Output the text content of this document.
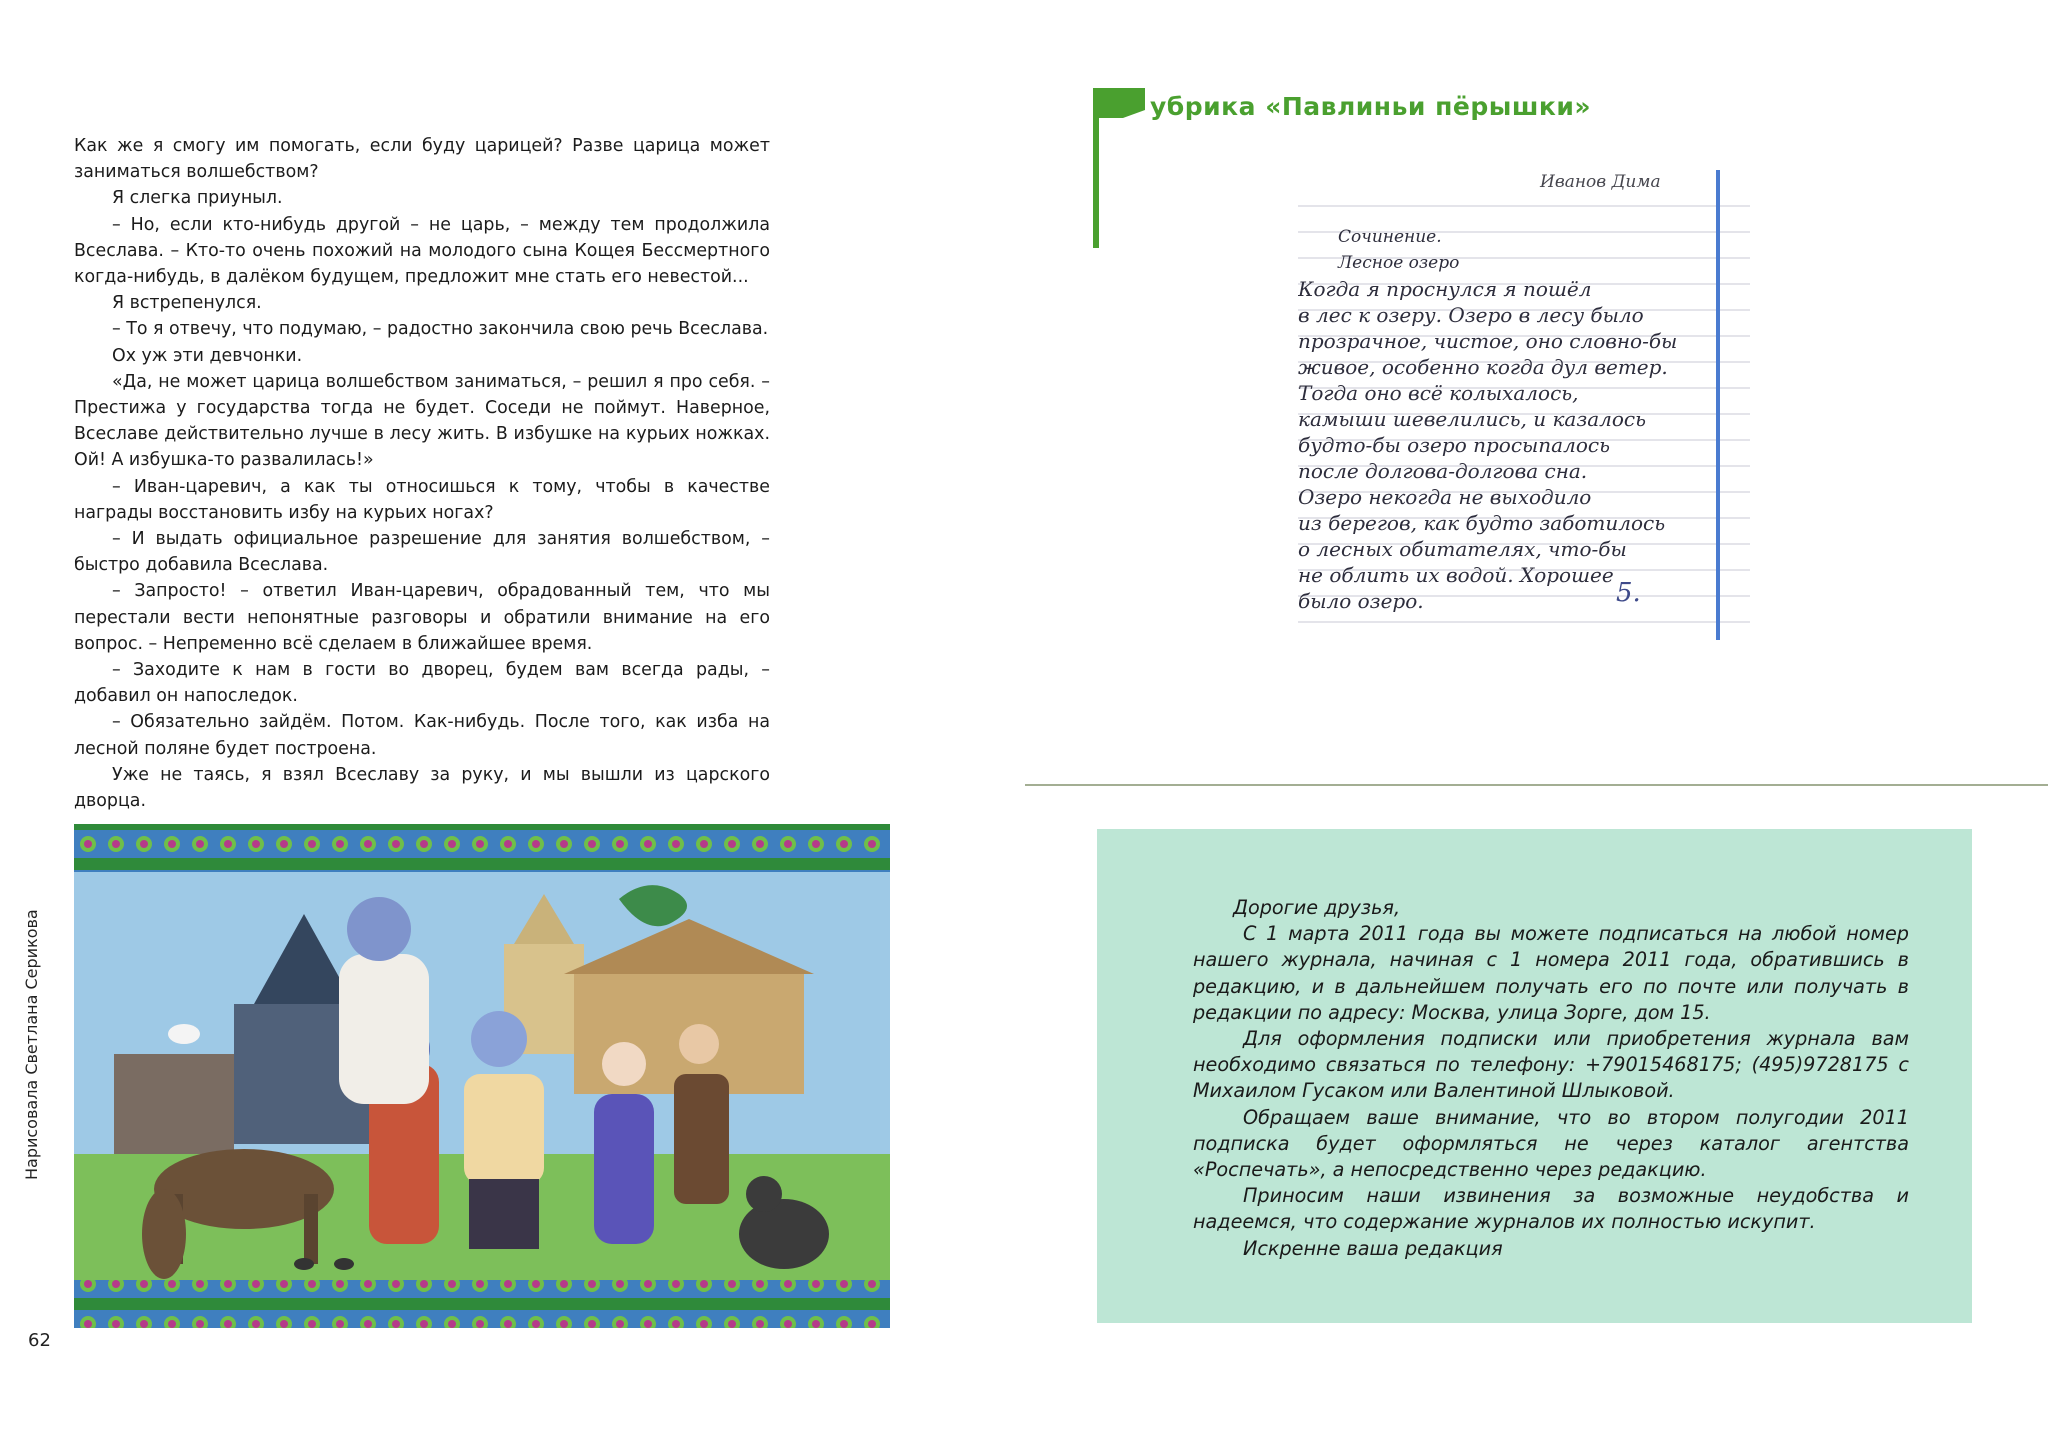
Как же я смогу им помогать, если буду царицей? Разве царица может заниматься волшебством?

Я слегка приуныл.

– Но, если кто-нибудь другой – не царь, – между тем продолжила Всеслава. – Кто-то очень похожий на молодого сына Кощея Бессмертного когда-нибудь, в далёком будущем, предложит мне стать его невестой...

Я встрепенулся.

– То я отвечу, что подумаю, – радостно закончила свою речь Всеслава.

Ох уж эти девчонки.

«Да, не может царица волшебством заниматься, – решил я про себя. – Престижа у государства тогда не будет. Соседи не поймут. Наверное, Всеславе действительно лучше в лесу жить. В избушке на курьих ножках. Ой! А избушка-то развалилась!»

– Иван-царевич, а как ты относишься к тому, чтобы в качестве награды восстановить избу на курьих ногах?

– И выдать официальное разрешение для занятия волшебством, – быстро добавила Всеслава.

– Запросто! – ответил Иван-царевич, обрадованный тем, что мы перестали вести непонятные разговоры и обратили внимание на его вопрос. – Непременно всё сделаем в ближайшее время.

– Заходите к нам в гости во дворец, будем вам всегда рады, – добавил он напоследок.

– Обязательно зайдём. Потом. Как-нибудь. После того, как изба на лесной поляне будет построена.

Уже не таясь, я взял Всеславу за руку, и мы вышли из царского дворца.

Нарисовала Светлана Серикова
62
убрика «Павлиньи пёрышки»
Иванов Дима
Сочинение.
Лесное озеро
Когда я проснулся я пошёл
в лес к озеру. Озеро в лесу было
прозрачное, чистое, оно словно-бы
живое, особенно когда дул ветер.
Тогда оно всё колыхалось,
камыши шевелились, и казалось
будто-бы озеро просыпалось
после долгова-долгова сна.
Озеро некогда не выходило
из берегов, как будто заботилось
о лесных обитателях, что-бы
не облить их водой. Хорошее
было озеро.	5.

Дорогие друзья,

С 1 марта 2011 года вы можете подписаться на любой номер нашего журнала, начиная с 1 номера 2011 года, обратившись в редакцию, и в дальнейшем получать его по почте или получать в редакции по адресу: Москва, улица Зорге, дом 15.

Для оформления подписки или приобретения журнала вам необходимо связаться по телефону: +79015468175; (495)9728175 с Михаилом Гусаком или Валентиной Шлыковой.

Обращаем ваше внимание, что во втором полугодии 2011 подписка будет оформляться не через каталог агентства «Роспечать», а непосредственно через редакцию.

Приносим наши извинения за возможные неудобства и надеемся, что содержание журналов их полностью искупит.

Искренне ваша редакция
